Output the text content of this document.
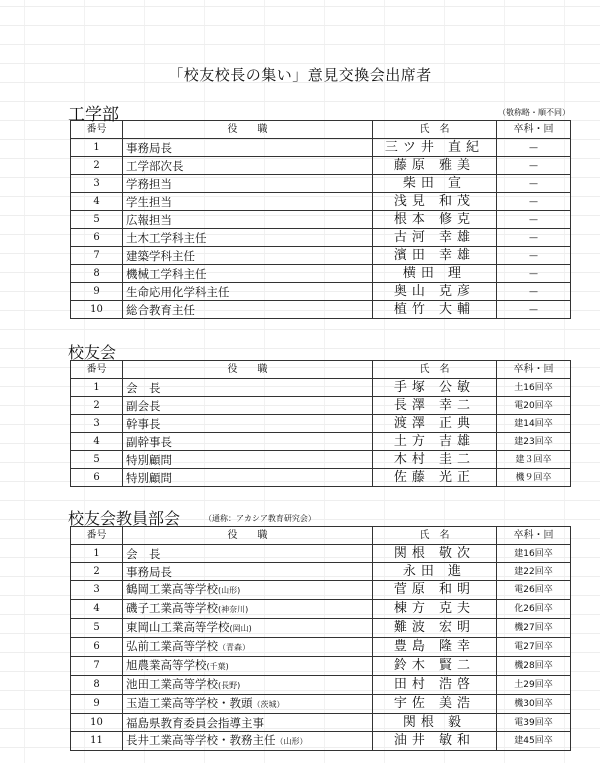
「校友校長の集い」意見交換会出席者
工学部	（敬称略・順不同）
番号	役　　職	氏　名	卒科・回
1	事務局長	三ツ井 直紀	—
2	工学部次長	藤原 雅美	—
3	学務担当	柴田 宣	—
4	学生担当	浅見 和茂	—
5	広報担当	根本 修克	—
6	土木工学科主任	古河 幸雄	—
7	建築学科主任	濱田 幸雄	—
8	機械工学科主任	横田 理	—
9	生命応用化学科主任	奥山 克彦	—
10	総合教育主任	植竹 大輔	—
校友会
番号	役　　職	氏　名	卒科・回
1	会　長	手塚 公敏	土16回卒
2	副会長	長澤 幸二	電20回卒
3	幹事長	渡澤 正典	建14回卒
4	副幹事長	土方 吉雄	建23回卒
5	特別顧問	木村 圭二	建３回卒
6	特別顧問	佐藤 光正	機９回卒
校友会教員部会	（通称：アカシア教育研究会）
番号	役　　職	氏　名	卒科・回
1	会　長	関根 敬次	建16回卒
2	事務局長	永田 進	建22回卒
3	鶴岡工業高等学校(山形)	菅原 和明	電26回卒
4	磯子工業高等学校(神奈川)	棟方 克夫	化26回卒
5	東岡山工業高等学校(岡山)	難波 宏明	機27回卒
6	弘前工業高等学校（青森）	豊島 隆幸	電27回卒
7	旭農業高等学校(千葉)	鈴木 賢二	機28回卒
8	池田工業高等学校(長野)	田村 浩啓	土29回卒
9	玉造工業高等学校・教頭（茨城）	宇佐 美浩	機30回卒
10	福島県教育委員会指導主事	関根 毅	電39回卒
11	長井工業高等学校・教務主任（山形）	油井 敏和	建45回卒
